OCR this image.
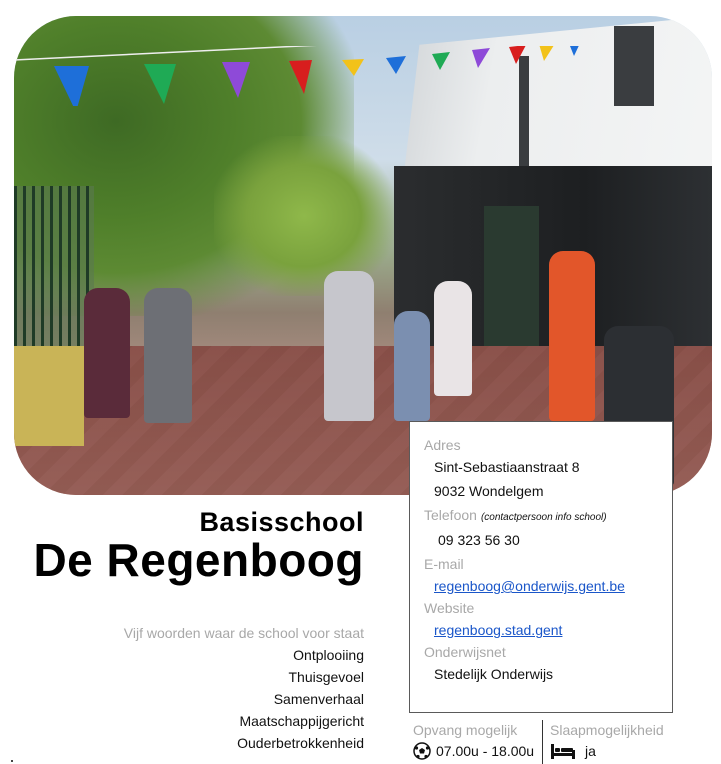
Adres
Sint-Sebastiaanstraat 8
9032 Wondelgem
Telefoon (contactpersoon info school)
09 323 56 30
E-mail
regenboog@onderwijs.gent.be
Website
regenboog.stad.gent
Onderwijsnet
Stedelijk Onderwijs
Basisschool
De Regenboog
Vijf woorden waar de school voor staat
Ontplooiing
Thuisgevoel
Samenverhaal
Maatschappijgericht
Ouderbetrokkenheid
Opvang mogelijk
07.00u - 18.00u
Slaapmogelijkheid
ja
